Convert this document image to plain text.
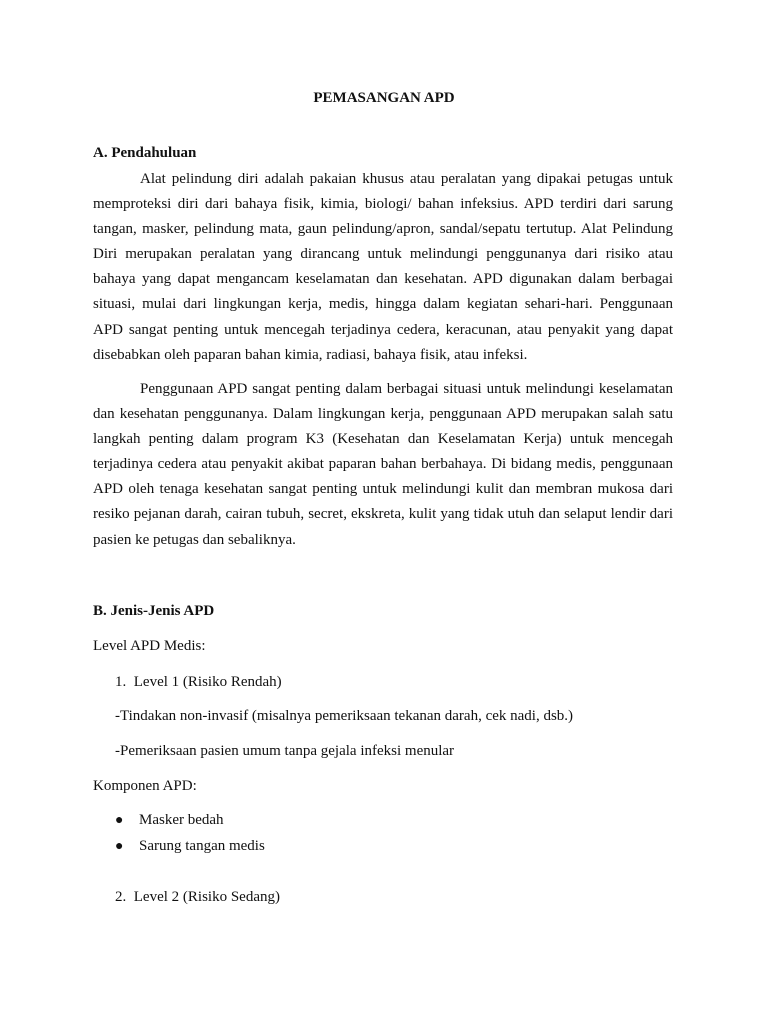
PEMASANGAN APD
A. Pendahuluan

Alat pelindung diri adalah pakaian khusus atau peralatan yang dipakai petugas untuk memproteksi diri dari bahaya fisik, kimia, biologi/ bahan infeksius. APD terdiri dari sarung tangan, masker, pelindung mata, gaun pelindung/apron, sandal/sepatu tertutup. Alat Pelindung Diri merupakan peralatan yang dirancang untuk melindungi penggunanya dari risiko atau bahaya yang dapat mengancam keselamatan dan kesehatan. APD digunakan dalam berbagai situasi, mulai dari lingkungan kerja, medis, hingga dalam kegiatan sehari-hari. Penggunaan APD sangat penting untuk mencegah terjadinya cedera, keracunan, atau penyakit yang dapat disebabkan oleh paparan bahan kimia, radiasi, bahaya fisik, atau infeksi.

Penggunaan APD sangat penting dalam berbagai situasi untuk melindungi keselamatan dan kesehatan penggunanya. Dalam lingkungan kerja, penggunaan APD merupakan salah satu langkah penting dalam program K3 (Kesehatan dan Keselamatan Kerja) untuk mencegah terjadinya cedera atau penyakit akibat paparan bahan berbahaya. Di bidang medis, penggunaan APD oleh tenaga kesehatan sangat penting untuk melindungi kulit dan membran mukosa dari resiko pejanan darah, cairan tubuh, secret, ekskreta, kulit yang tidak utuh dan selaput lendir dari pasien ke petugas dan sebaliknya.

B. Jenis-Jenis APD
Level APD Medis:
1.  Level 1 (Risiko Rendah)
-Tindakan non-invasif (misalnya pemeriksaan tekanan darah, cek nadi, dsb.)
-Pemeriksaan pasien umum tanpa gejala infeksi menular
Komponen APD:
● Masker bedah
● Sarung tangan medis
2.  Level 2 (Risiko Sedang)
